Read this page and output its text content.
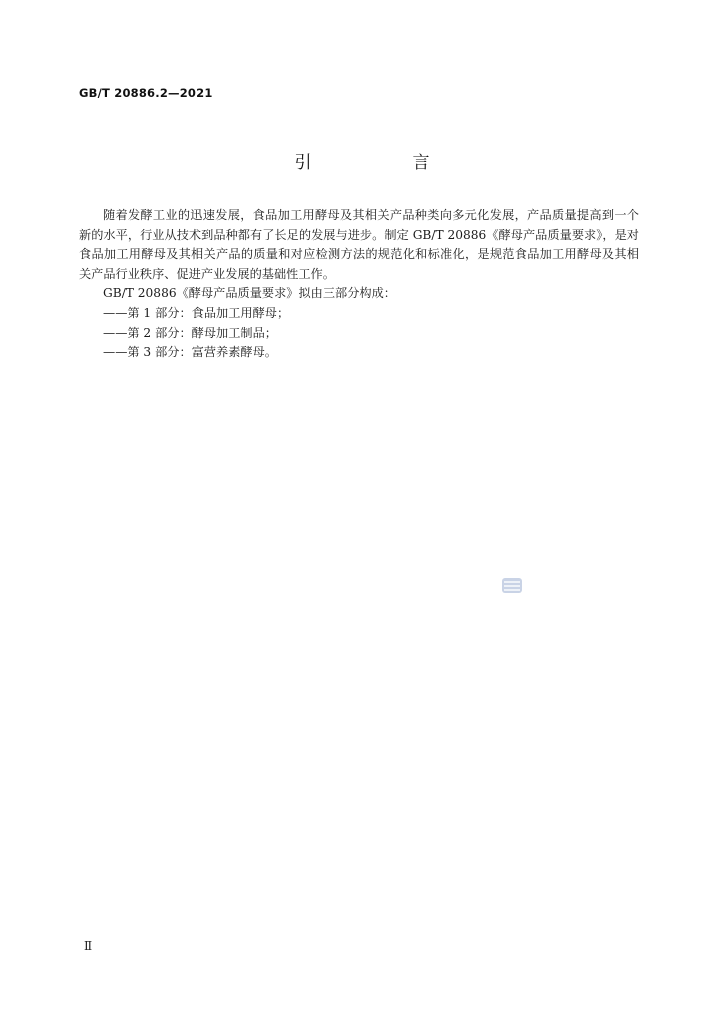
GB/T 20886.2—2021
引　言

随着发酵工业的迅速发展，食品加工用酵母及其相关产品种类向多元化发展，产品质量提高到一个新的水平，行业从技术到品种都有了长足的发展与进步。制定 GB/T 20886《酵母产品质量要求》，是对食品加工用酵母及其相关产品的质量和对应检测方法的规范化和标准化，是规范食品加工用酵母及其相关产品行业秩序、促进产业发展的基础性工作。

GB/T 20886《酵母产品质量要求》拟由三部分构成：

——第 1 部分：食品加工用酵母；

——第 2 部分：酵母加工制品；

——第 3 部分：富营养素酵母。

Ⅱ
